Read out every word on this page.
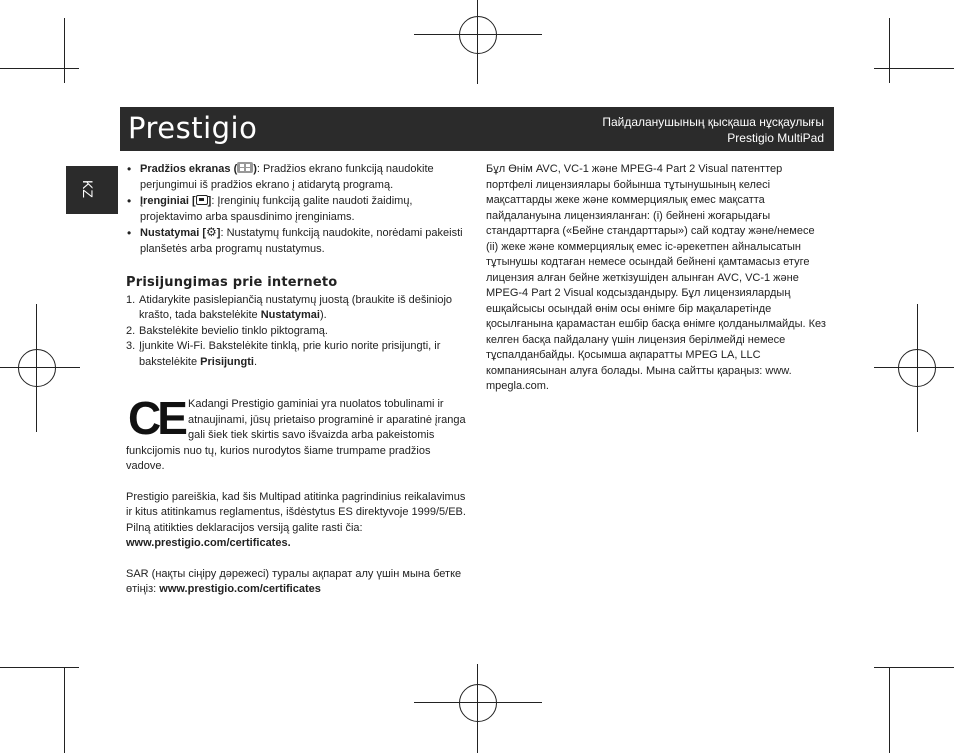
Prestigio	Пайдаланушының қысқаша нұсқаулығы
Prestigio MultiPad
KZ
• Pradžios ekranas ( ): Pradžios ekrano funkciją naudokite perjungimui iš pradžios ekrano į atidarytą programą.
• Įrenginiai [ ]: Įrenginių funkciją galite naudoti žaidimų, projektavimo arba spausdinimo įrenginiams.
• Nustatymai [⚙]: Nustatymų funkciją naudokite, norėdami pakeisti planšetės arba programų nustatymus.
Prisijungimas prie interneto
1. Atidarykite pasislepiančią nustatymų juostą (braukite iš dešiniojo krašto, tada bakstelėkite Nustatymai).
2. Bakstelėkite bevielio tinklo piktogramą.
3. Įjunkite Wi-Fi. Bakstelėkite tinklą, prie kurio norite prisijungti, ir bakstelėkite Prisijungti.
CE Kadangi Prestigio gaminiai yra nuolatos tobulinami ir atnaujinami, jūsų prietaiso programinė ir aparatinė įranga gali šiek tiek skirtis savo išvaizda arba pakeistomis
funkcijomis nuo tų, kurios nurodytos šiame trumpame pradžios vadove.

Prestigio pareiškia, kad šis Multipad atitinka pagrindinius reikalavimus ir kitus atitinkamus reglamentus, išdėstytus ES direktyvoje 1999/5/EB. Pilną atitikties deklaracijos versiją galite rasti čia: www.prestigio.com/certificates.

SAR (нақты сіңіру дәрежесі) туралы ақпарат алу үшін мына бетке өтіңіз: www.prestigio.com/certificates

Бұл Өнім AVC, VC-1 және MPEG-4 Part 2 Visual патенттер портфелі лицензиялары бойынша тұтынушының келесі мақсаттарды жеке және коммерциялық емес мақсатта пайдалануына лицензияланған: (i) бейнені жоғарыдағы стандарттарға («Бейне стандарттары») сай кодтау және/немесе (ii) жеке және коммерциялық емес іс-әрекетпен айналысатын тұтынушы кодтаған немесе осындай бейнені қамтамасыз етуге лицензия алған бейне жеткізушіден алынған AVC, VC-1 және MPEG-4 Part 2 Visual кодсыздандыру. Бұл лицензиялардың ешқайсысы осындай өнім осы өнімге бір мақаларетінде қосылғанына қарамастан ешбір басқа өнімге қолданылмайды. Кез келген басқа пайдалану үшін лицензия берілмейді немесе тұспалданбайды. Қосымша ақпаратты MPEG LA, LLC компаниясынан алуға болады. Мына сайтты қараңыз: www. mpegla.com.
